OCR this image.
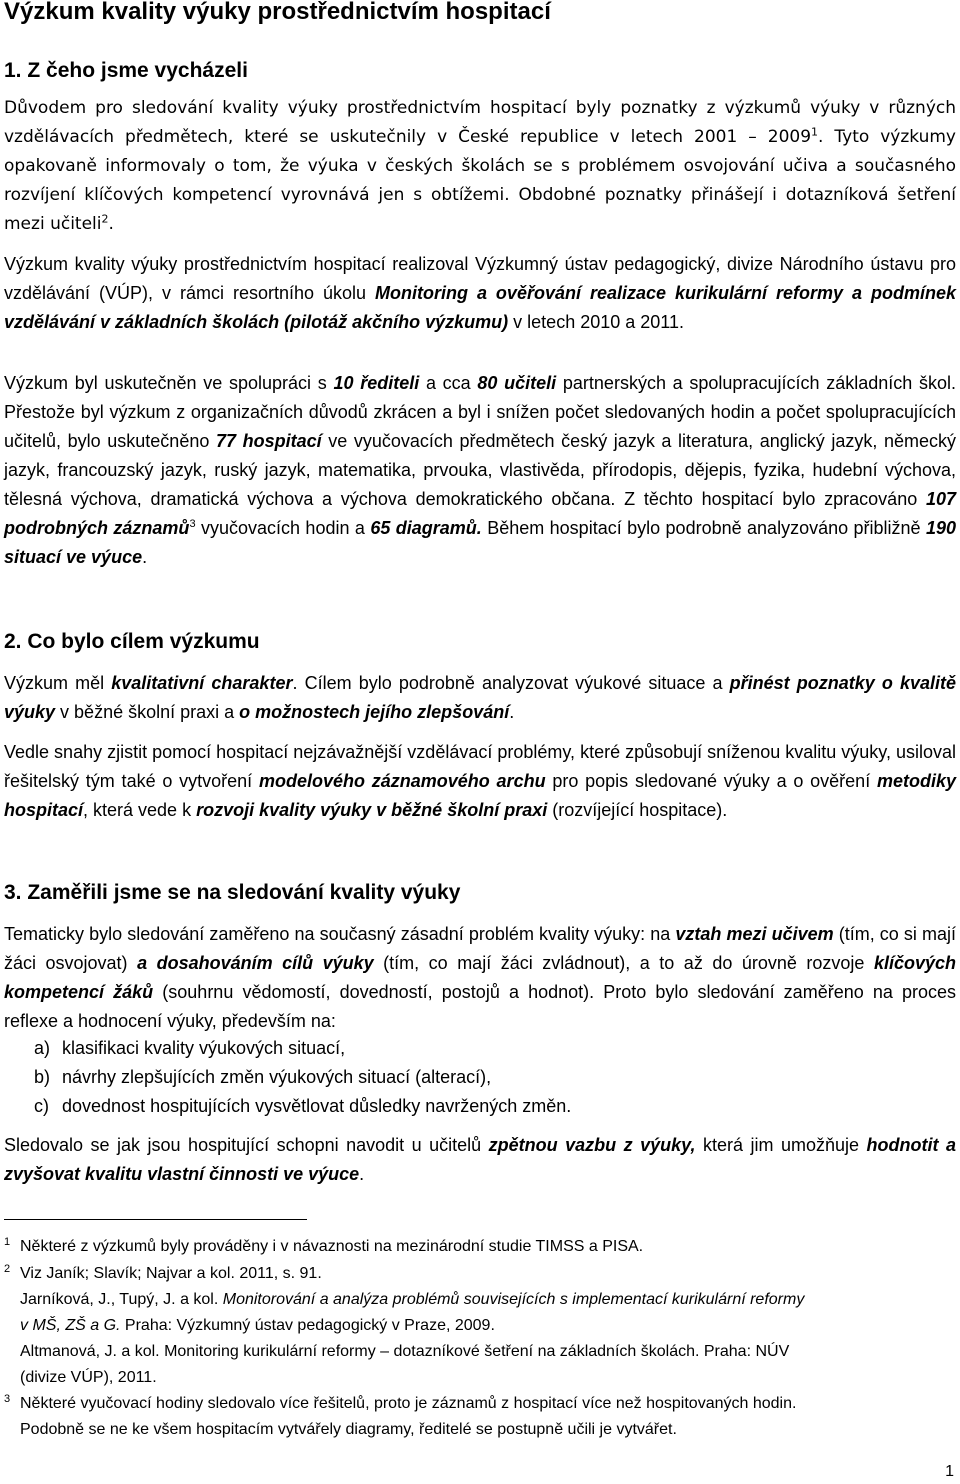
Výzkum kvality výuky prostřednictvím hospitací
1. Z čeho jsme vycházeli

Důvodem pro sledování kvality výuky prostřednictvím hospitací byly poznatky z výzkumů výuky v různých vzdělávacích předmětech, které se uskutečnily v České republice v letech 2001 – 2009$^1$. Tyto výzkumy opakovaně informovaly o tom, že výuka v českých školách se s problémem osvojování učiva a současného rozvíjení klíčových kompetencí vyrovnává jen s obtížemi. Obdobné poznatky přinášejí i dotazníková šetření mezi učiteli$^2$.

Výzkum kvality výuky prostřednictvím hospitací realizoval Výzkumný ústav pedagogický, divize Národního ústavu pro vzdělávání (VÚP), v rámci resortního úkolu Monitoring a ověřování realizace kurikulární reformy a podmínek vzdělávání v základních školách (pilotáž akčního výzkumu) v letech 2010 a 2011.

Výzkum byl uskutečněn ve spolupráci s 10 řediteli a cca 80 učiteli partnerských a spolupracujících základních škol. Přestože byl výzkum z organizačních důvodů zkrácen a byl i snížen počet sledovaných hodin a počet spolupracujících učitelů, bylo uskutečněno 77 hospitací ve vyučovacích předmětech český jazyk a literatura, anglický jazyk, německý jazyk, francouzský jazyk, ruský jazyk, matematika, prvouka, vlastivěda, přírodopis, dějepis, fyzika, hudební výchova, tělesná výchova, dramatická výchova a výchova demokratického občana. Z těchto hospitací bylo zpracováno 107 podrobných záznamů$^3$ vyučovacích hodin a 65 diagramů. Během hospitací bylo podrobně analyzováno přibližně 190 situací ve výuce.

2. Co bylo cílem výzkumu

Výzkum měl kvalitativní charakter. Cílem bylo podrobně analyzovat výukové situace a přinést poznatky o kvalitě výuky v běžné školní praxi a o možnostech jejího zlepšování.

Vedle snahy zjistit pomocí hospitací nejzávažnější vzdělávací problémy, které způsobují sníženou kvalitu výuky, usiloval řešitelský tým také o vytvoření modelového záznamového archu pro popis sledované výuky a o ověření metodiky hospitací, která vede k rozvoji kvality výuky v běžné školní praxi (rozvíjející hospitace).

3. Zaměřili jsme se na sledování kvality výuky

Tematicky bylo sledování zaměřeno na současný zásadní problém kvality výuky: na vztah mezi učivem (tím, co si mají žáci osvojovat) a dosahováním cílů výuky (tím, co mají žáci zvládnout), a to až do úrovně rozvoje klíčových kompetencí žáků (souhrnu vědomostí, dovedností, postojů a hodnot). Proto bylo sledování zaměřeno na proces reflexe a hodnocení výuky, především na:

a) klasifikaci kvality výukových situací,
b) návrhy zlepšujících změn výukových situací (alterací),
c) dovednost hospitujících vysvětlovat důsledky navržených změn.

Sledovalo se jak jsou hospitující schopni navodit u učitelů zpětnou vazbu z výuky, která jim umožňuje hodnotit a zvyšovat kvalitu vlastní činnosti ve výuce.

1 Některé z výzkumů byly prováděny i v návaznosti na mezinárodní studie TIMSS a PISA.
2 Viz Janík; Slavík; Najvar a kol. 2011, s. 91.
Jarníková, J., Tupý, J. a kol. Monitorování a analýza problémů souvisejících s implementací kurikulární reformy
v MŠ, ZŠ a G. Praha: Výzkumný ústav pedagogický v Praze, 2009.
Altmanová, J. a kol. Monitoring kurikulární reformy – dotazníkové šetření na základních školách. Praha: NÚV
(divize VÚP), 2011.
3 Některé vyučovací hodiny sledovalo více řešitelů, proto je záznamů z hospitací více než hospitovaných hodin.
Podobně se ne ke všem hospitacím vytvářely diagramy, ředitelé se postupně učili je vytvářet.
1
